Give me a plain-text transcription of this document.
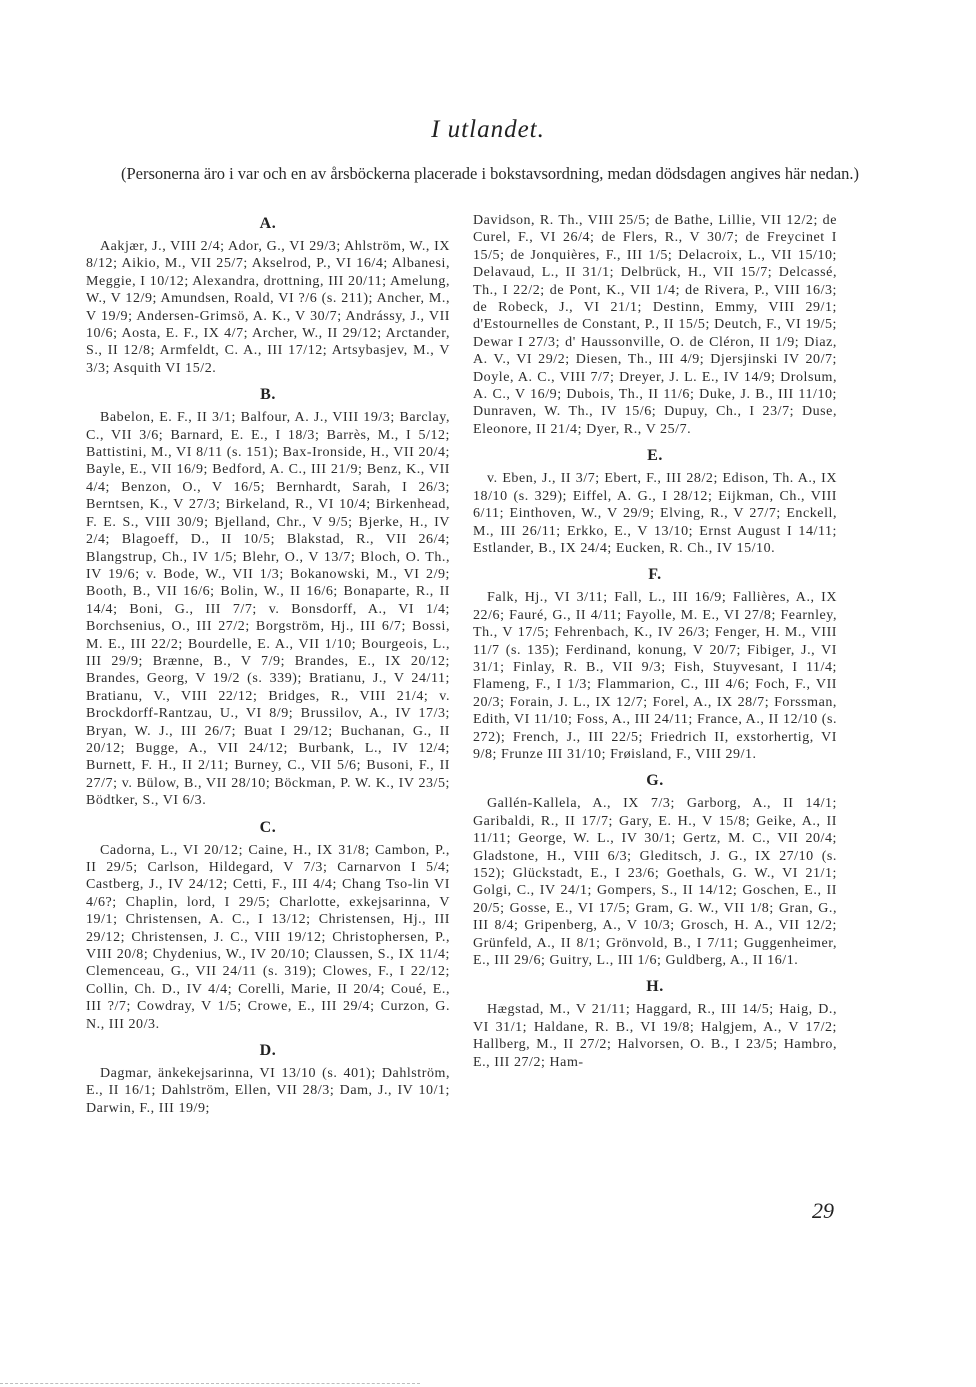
I utlandet.
(Personerna äro i var och en av årsböckerna placerade i bokstavsordning, medan dödsdagen angives här nedan.)
A.
Aakjær, J., VIII 2/4; Ador, G., VI 29/3; Ahlström, W., IX 8/12; Aikio, M., VII 25/7; Akselrod, P., VI 16/4; Albanesi, Meggie, I 10/12; Alexandra, drottning, III 20/11; Amelung, W., V 12/9; Amundsen, Roald, VI ?/6 (s. 211); Ancher, M., V 19/9; Andersen-Grimsö, A. K., V 30/7; Andrássy, J., VII 10/6; Aosta, E. F., IX 4/7; Archer, W., II 29/12; Arctander, S., II 12/8; Armfeldt, C. A., III 17/12; Artsybasjev, M., V 3/3; Asquith VI 15/2.
B.
Babelon, E. F., II 3/1; Balfour, A. J., VIII 19/3; Barclay, C., VII 3/6; Barnard, E. E., I 18/3; Barrès, M., I 5/12; Battistini, M., VI 8/11 (s. 151); Bax-Ironside, H., VII 20/4; Bayle, E., VII 16/9; Bedford, A. C., III 21/9; Benz, K., VII 4/4; Benzon, O., V 16/5; Bernhardt, Sarah, I 26/3; Berntsen, K., V 27/3; Birkeland, R., VI 10/4; Birkenhead, F. E. S., VIII 30/9; Bjelland, Chr., V 9/5; Bjerke, H., IV 2/4; Blagoeff, D., II 10/5; Blakstad, R., VII 26/4; Blangstrup, Ch., IV 1/5; Blehr, O., V 13/7; Bloch, O. Th., IV 19/6; v. Bode, W., VII 1/3; Bokanowski, M., VI 2/9; Booth, B., VII 16/6; Bolin, W., II 16/6; Bonaparte, R., II 14/4; Boni, G., III 7/7; v. Bonsdorff, A., VI 1/4; Borchsenius, O., III 27/2; Borgström, Hj., III 6/7; Bossi, M. E., III 22/2; Bourdelle, E. A., VII 1/10; Bourgeois, L., III 29/9; Brænne, B., V 7/9; Brandes, E., IX 20/12; Brandes, Georg, V 19/2 (s. 339); Bratianu, J., V 24/11; Bratianu, V., VIII 22/12; Bridges, R., VIII 21/4; v. Brockdorff-Rantzau, U., VI 8/9; Brussilov, A., IV 17/3; Bryan, W. J., III 26/7; Buat I 29/12; Buchanan, G., II 20/12; Bugge, A., VII 24/12; Burbank, L., IV 12/4; Burnett, F. H., II 2/11; Burney, C., VII 5/6; Busoni, F., II 27/7; v. Bülow, B., VII 28/10; Böckman, P. W. K., IV 23/5; Bödtker, S., VI 6/3.
C.
Cadorna, L., VI 20/12; Caine, H., IX 31/8; Cambon, P., II 29/5; Carlson, Hildegard, V 7/3; Carnarvon I 5/4; Castberg, J., IV 24/12; Cetti, F., III 4/4; Chang Tso-lin VI 4/6?; Chaplin, lord, I 29/5; Charlotte, exkejsarinna, V 19/1; Christensen, A. C., I 13/12; Christensen, Hj., III 29/12; Christensen, J. C., VIII 19/12; Christophersen, P., VIII 20/8; Chydenius, W., IV 20/10; Claussen, S., IX 11/4; Clemenceau, G., VII 24/11 (s. 319); Clowes, F., I 22/12; Collin, Ch. D., IV 4/4; Corelli, Marie, II 20/4; Coué, E., III ?/7; Cowdray, V 1/5; Crowe, E., III 29/4; Curzon, G. N., III 20/3.
D.
Dagmar, änkekejsarinna, VI 13/10 (s. 401); Dahlström, E., II 16/1; Dahlström, Ellen, VII 28/3; Dam, J., IV 10/1; Darwin, F., III 19/9;
Davidson, R. Th., VIII 25/5; de Bathe, Lillie, VII 12/2; de Curel, F., VI 26/4; de Flers, R., V 30/7; de Freycinet I 15/5; de Jonquières, F., III 1/5; Delacroix, L., VII 15/10; Delavaud, L., II 31/1; Delbrück, H., VII 15/7; Delcassé, Th., I 22/2; de Pont, K., VII 1/4; de Rivera, P., VIII 16/3; de Robeck, J., VI 21/1; Destinn, Emmy, VIII 29/1; d'Estournelles de Constant, P., II 15/5; Deutch, F., VI 19/5; Dewar I 27/3; d' Haussonville, O. de Cléron, II 1/9; Diaz, A. V., VI 29/2; Diesen, Th., III 4/9; Djersjinski IV 20/7; Doyle, A. C., VIII 7/7; Dreyer, J. L. E., IV 14/9; Drolsum, A. C., V 16/9; Dubois, Th., II 11/6; Duke, J. B., III 11/10; Dunraven, W. Th., IV 15/6; Dupuy, Ch., I 23/7; Duse, Eleonore, II 21/4; Dyer, R., V 25/7.
E.
v. Eben, J., II 3/7; Ebert, F., III 28/2; Edison, Th. A., IX 18/10 (s. 329); Eiffel, A. G., I 28/12; Eijkman, Ch., VIII 6/11; Einthoven, W., V 29/9; Elving, R., V 27/7; Enckell, M., III 26/11; Erkko, E., V 13/10; Ernst August I 14/11; Estlander, B., IX 24/4; Eucken, R. Ch., IV 15/10.
F.
Falk, Hj., VI 3/11; Fall, L., III 16/9; Fallières, A., IX 22/6; Fauré, G., II 4/11; Fayolle, M. E., VI 27/8; Fearnley, Th., V 17/5; Fehrenbach, K., IV 26/3; Fenger, H. M., VIII 11/7 (s. 135); Ferdinand, konung, V 20/7; Fibiger, J., VI 31/1; Finlay, R. B., VII 9/3; Fish, Stuyvesant, I 11/4; Flameng, F., I 1/3; Flammarion, C., III 4/6; Foch, F., VII 20/3; Forain, J. L., IX 12/7; Forel, A., IX 28/7; Forssman, Edith, VI 11/10; Foss, A., III 24/11; France, A., II 12/10 (s. 272); French, J., III 22/5; Friedrich II, exstorhertig, VI 9/8; Frunze III 31/10; Frøisland, F., VIII 29/1.
G.
Gallén-Kallela, A., IX 7/3; Garborg, A., II 14/1; Garibaldi, R., II 17/7; Gary, E. H., V 15/8; Geike, A., II 11/11; George, W. L., IV 30/1; Gertz, M. C., VII 20/4; Gladstone, H., VIII 6/3; Gleditsch, J. G., IX 27/10 (s. 152); Glückstadt, E., I 23/6; Goethals, G. W., VI 21/1; Golgi, C., IV 24/1; Gompers, S., II 14/12; Goschen, E., II 20/5; Gosse, E., VI 17/5; Gram, G. W., VII 1/8; Gran, G., III 8/4; Gripenberg, A., V 10/3; Grosch, H. A., VII 12/2; Grünfeld, A., II 8/1; Grönvold, B., I 7/11; Guggenheimer, E., III 29/6; Guitry, L., III 1/6; Guldberg, A., II 16/1.
H.
Hægstad, M., V 21/11; Haggard, R., III 14/5; Haig, D., VI 31/1; Haldane, R. B., VI 19/8; Halgjem, A., V 17/2; Hallberg, M., II 27/2; Halvorsen, O. B., I 23/5; Hambro, E., III 27/2; Ham-
29
